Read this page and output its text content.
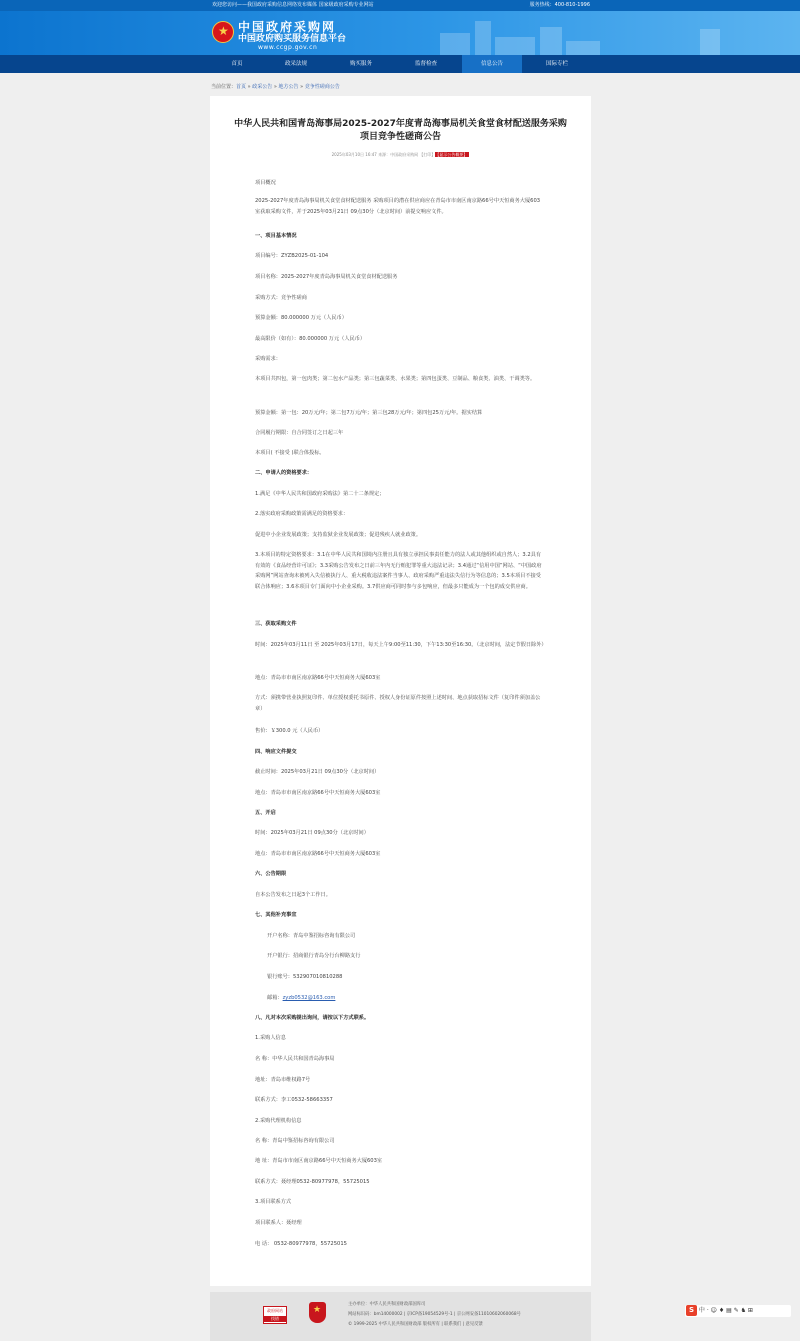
欢迎您访问——我国政府采购信息网络发布媒体 国家级政府采购专业网站	服务热线：400-810-1996
★ 中国政府采购网
中国政府购买服务信息平台
www.ccgp.gov.cn
首页	政采法规	购买服务	监督检查	信息公告	国际专栏
当前位置：首页 » 政采公告 » 地方公告 » 竞争性磋商公告
中华人民共和国青岛海事局2025-2027年度青岛海事局机关食堂食材配送服务采购
项目竞争性磋商公告
2025年03月10日 16:47 来源：中国政府采购网 【打印】 【显示公告概要】
项目概况
2025-2027年度青岛海事局机关食堂食材配送服务 采购项目的潜在供应商应在青岛市市南区南京路66号中天恒商务大厦603室获取采购文件，并于2025年03月21日 09点30分（北京时间）前提交响应文件。
一、项目基本情况
项目编号：ZYZB2025-01-104
项目名称：2025-2027年度青岛海事局机关食堂食材配送服务
采购方式：竞争性磋商
预算金额：80.000000 万元（人民币）
最高限价（如有）：80.000000 万元（人民币）
采购需求：
本项目共四包，第一包肉类；第二包水产品类；第三包蔬菜类、水果类；第四包蛋类、豆制品、粮食类、油类、干调类等。
预算金额：第一包：20万元/年；第二包7万元/年；第三包28万元/年；第四包25万元/年。据实结算
合同履行期限：自合同签订之日起三年
本项目( 不接受 )联合体投标。
二、申请人的资格要求：
1.满足《中华人民共和国政府采购法》第二十二条规定；
2.落实政府采购政策需满足的资格要求：
促进中小企业发展政策；支持监狱企业发展政策；促进残疾人就业政策。
3.本项目的特定资格要求：3.1在中华人民共和国境内注册且具有独立承担民事责任能力的法人或其他组织或自然人；3.2具有有效的《食品经营许可证》；3.3采购公告发布之日前三年内无行贿犯罪等重大违法记录；3.4通过“信用中国”网站、“中国政府采购网”网站查询未被列入失信被执行人、重大税收违法案件当事人、政府采购严重违法失信行为等信息的；3.5本项目不接受联合体响应；3.6本项目专门面向中小企业采购。3.7供应商可同时参与多包响应，但最多只能成为一个包的成交供应商。
三、获取采购文件
时间：2025年03月11日 至 2025年03月17日，每天上午9:00至11:30，下午13:30至16:30。（北京时间，法定节假日除外）
地点：青岛市市南区南京路66号中天恒商务大厦603室
方式：须携带营业执照复印件、单位授权委托书原件、授权人身份证原件按照上述时间、地点获取招标文件（复印件须加盖公章）
售价：￥300.0 元（人民币）
四、响应文件提交
截止时间：2025年03月21日 09点30分（北京时间）
地点：青岛市市南区南京路66号中天恒商务大厦603室
五、开启
时间：2025年03月21日 09点30分（北京时间）
地点：青岛市市南区南京路66号中天恒商务大厦603室
六、公告期限
自本公告发布之日起3个工作日。
七、其他补充事宜
开户名称：青岛中鉴招标咨询有限公司
开户银行：招商银行青岛分行台柳路支行
银行账号：532907010810288
邮箱：zyzb0532@163.com
八、凡对本次采购提出询问，请按以下方式联系。
1.采购人信息
名 称：中华人民共和国青岛海事局
地址：青岛市维权路7号
联系方式：李工0532-58663357
2.采购代理机构信息
名 称：青岛中鉴招标咨询有限公司
地 址：青岛市市南区南京路66号中天恒商务大厦603室
联系方式：聂经理0532-80977978，55725015
3.项目联系方式
项目联系人：聂经理
电 话： 0532-80977978，55725015
政府网站
找错
★
主办单位：中华人民共和国财政部国库司
网站标识码：bm14000002 | 京ICP备19054529号-1 | 京公网安备11010602060068号
© 1999-2025 中华人民共和国财政部 版权所有 | 联系我们 | 意见反馈
S 中 · ☺ ♦ ▤ ✎ ♞ ⊞
